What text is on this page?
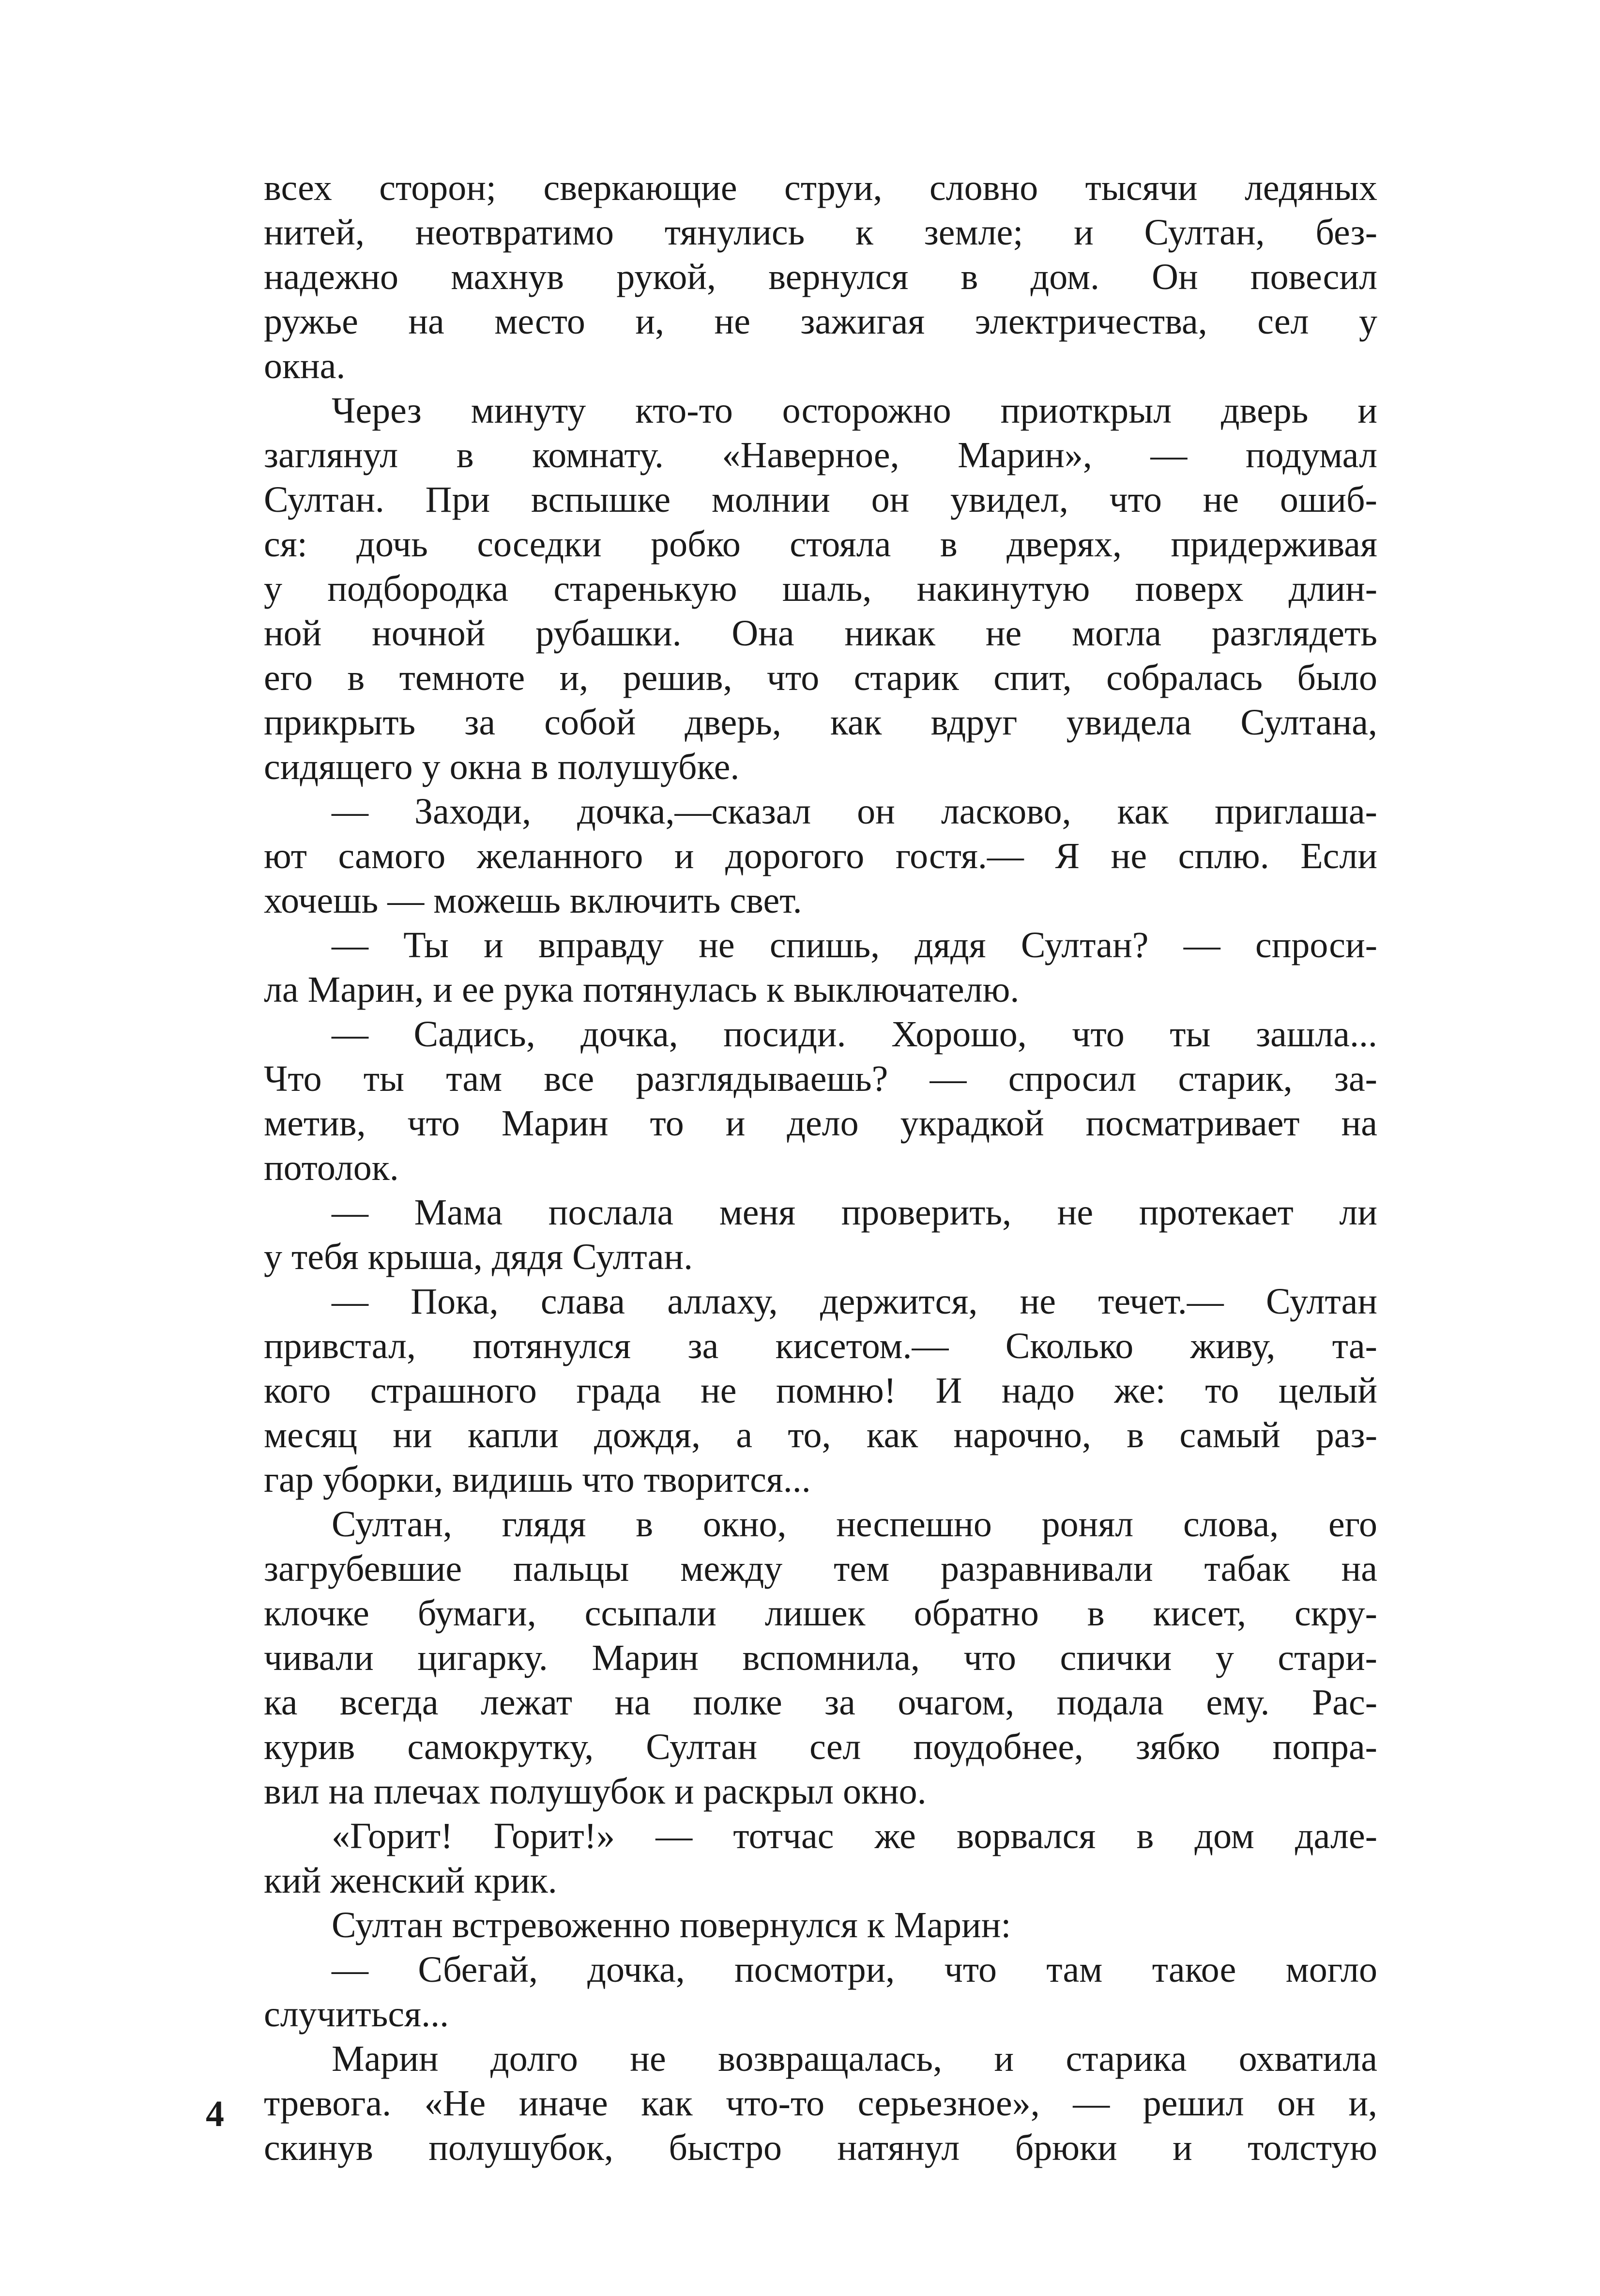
всех сторон; сверкающие струи, словно тысячи ледяных
нитей, неотвратимо тянулись к земле; и Султан, без-
надежно махнув рукой, вернулся в дом. Он повесил
ружье на место и, не зажигая электричества, сел у
окна.
Через минуту кто-то осторожно приоткрыл дверь и
заглянул в комнату. «Наверное, Марин», — подумал
Султан. При вспышке молнии он увидел, что не ошиб-
ся: дочь соседки робко стояла в дверях, придерживая
у подбородка старенькую шаль, накинутую поверх длин-
ной ночной рубашки. Она никак не могла разглядеть
его в темноте и, решив, что старик спит, собралась было
прикрыть за собой дверь, как вдруг увидела Султана,
сидящего у окна в полушубке.
— Заходи, дочка,—сказал он ласково, как приглаша-
ют самого желанного и дорогого гостя.— Я не сплю. Если
хочешь — можешь включить свет.
— Ты и вправду не спишь, дядя Султан? — спроси-
ла Марин, и ее рука потянулась к выключателю.
— Садись, дочка, посиди. Хорошо, что ты зашла...
Что ты там все разглядываешь? — спросил старик, за-
метив, что Марин то и дело украдкой посматривает на
потолок.
— Мама послала меня проверить, не протекает ли
у тебя крыша, дядя Султан.
— Пока, слава аллаху, держится, не течет.— Султан
привстал, потянулся за кисетом.— Сколько живу, та-
кого страшного града не помню! И надо же: то целый
месяц ни капли дождя, а то, как нарочно, в самый раз-
гар уборки, видишь что творится...
Султан, глядя в окно, неспешно ронял слова, его
загрубевшие пальцы между тем разравнивали табак на
клочке бумаги, ссыпали лишек обратно в кисет, скру-
чивали цигарку. Марин вспомнила, что спички у стари-
ка всегда лежат на полке за очагом, подала ему. Рас-
курив самокрутку, Султан сел поудобнее, зябко попра-
вил на плечах полушубок и раскрыл окно.
«Горит! Горит!» — тотчас же ворвался в дом дале-
кий женский крик.
Султан встревоженно повернулся к Марин:
— Сбегай, дочка, посмотри, что там такое могло
случиться...
Марин долго не возвращалась, и старика охватила
тревога. «Не иначе как что-то серьезное», — решил он и,
скинув полушубок, быстро натянул брюки и толстую
4
